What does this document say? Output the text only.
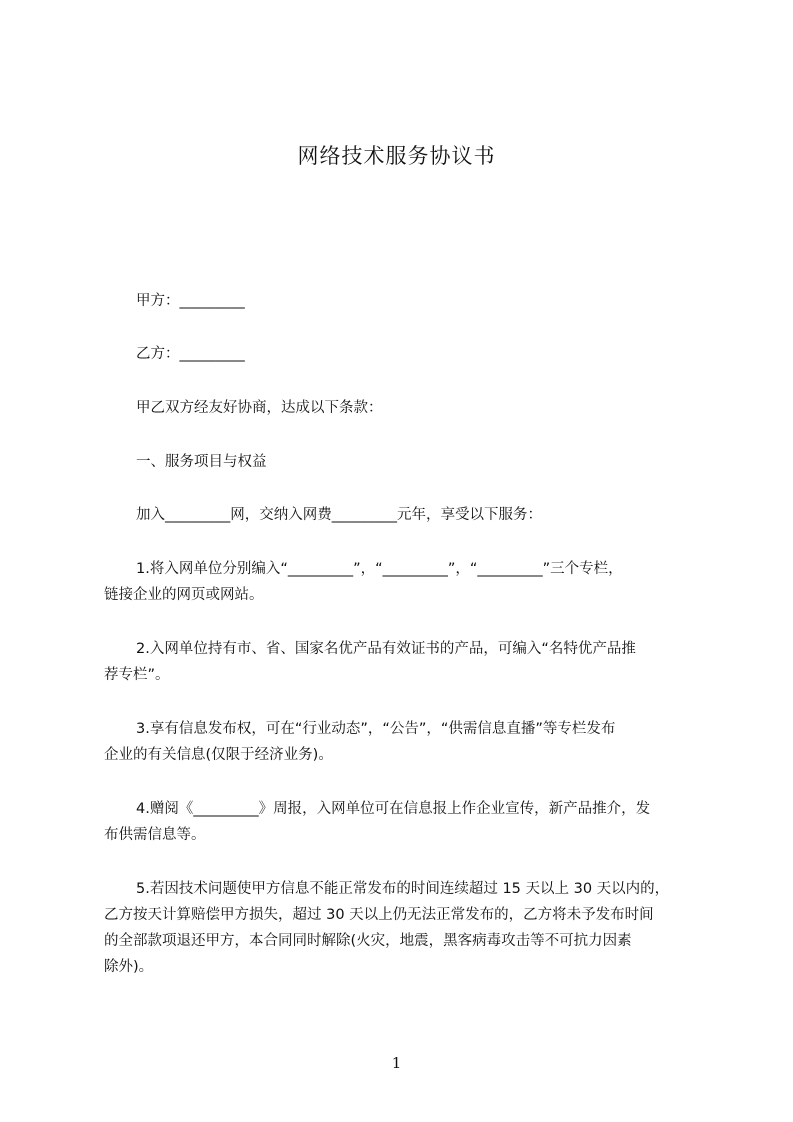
网络技术服务协议书
甲方：_________
乙方：_________
甲乙双方经友好协商，达成以下条款：
一、服务项目与权益
加入_________网，交纳入网费_________元年，享受以下服务：
1.将入网单位分别编入“_________”，“_________”，“_________”三个专栏，
链接企业的网页或网站。
2.入网单位持有市、省、国家名优产品有效证书的产品，可编入“名特优产品推
荐专栏”。
3.享有信息发布权，可在“行业动态”，“公告”，“供需信息直播”等专栏发布
企业的有关信息(仅限于经济业务)。
4.赠阅《_________》周报，入网单位可在信息报上作企业宣传，新产品推介，发
布供需信息等。
5.若因技术问题使甲方信息不能正常发布的时间连续超过 15 天以上 30 天以内的，
乙方按天计算赔偿甲方损失，超过 30 天以上仍无法正常发布的，乙方将未予发布时间
的全部款项退还甲方，本合同同时解除(火灾，地震，黑客病毒攻击等不可抗力因素
除外)。
1
